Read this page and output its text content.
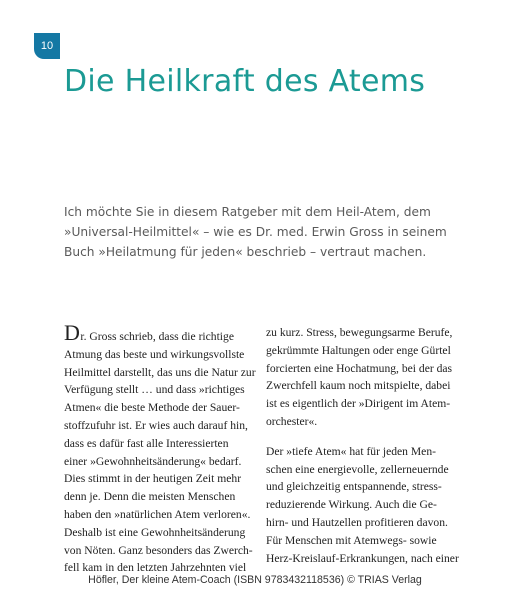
10
Die Heilkraft des Atems

Ich möchte Sie in diesem Ratgeber mit dem Heil-Atem, dem »Universal-Heilmittel« – wie es Dr. med. Erwin Gross in seinem Buch »Heilatmung für jeden« beschrieb – vertraut machen.

Dr. Gross schrieb, dass die richtige
Atmung das beste und wirkungsvollste
Heilmittel darstellt, das uns die Natur zur
Verfügung stellt … und dass »richtiges
Atmen« die beste Methode der Sauer-
stoffzufuhr ist. Er wies auch darauf hin,
dass es dafür fast alle Interessierten
einer »Gewohnheitsänderung« bedarf.
Dies stimmt in der heutigen Zeit mehr
denn je. Denn die meisten Menschen
haben den »natürlichen Atem verloren«.
Deshalb ist eine Gewohnheitsänderung
von Nöten. Ganz besonders das Zwerch-
fell kam in den letzten Jahrzehnten viel
zu kurz. Stress, bewegungsarme Berufe,
gekrümmte Haltungen oder enge Gürtel
forcierten eine Hochatmung, bei der das
Zwerchfell kaum noch mitspielte, dabei
ist es eigentlich der »Dirigent im Atem-
orchester«.
Der »tiefe Atem« hat für jeden Men-
schen eine energievolle, zellerneuernde
und gleichzeitig entspannende, stress-
reduzierende Wirkung. Auch die Ge-
hirn- und Hautzellen profitieren davon.
Für Menschen mit Atemwegs- sowie
Herz-Kreislauf-Erkrankungen, nach einer
Höfler, Der kleine Atem-Coach (ISBN 9783432118536) © TRIAS Verlag
